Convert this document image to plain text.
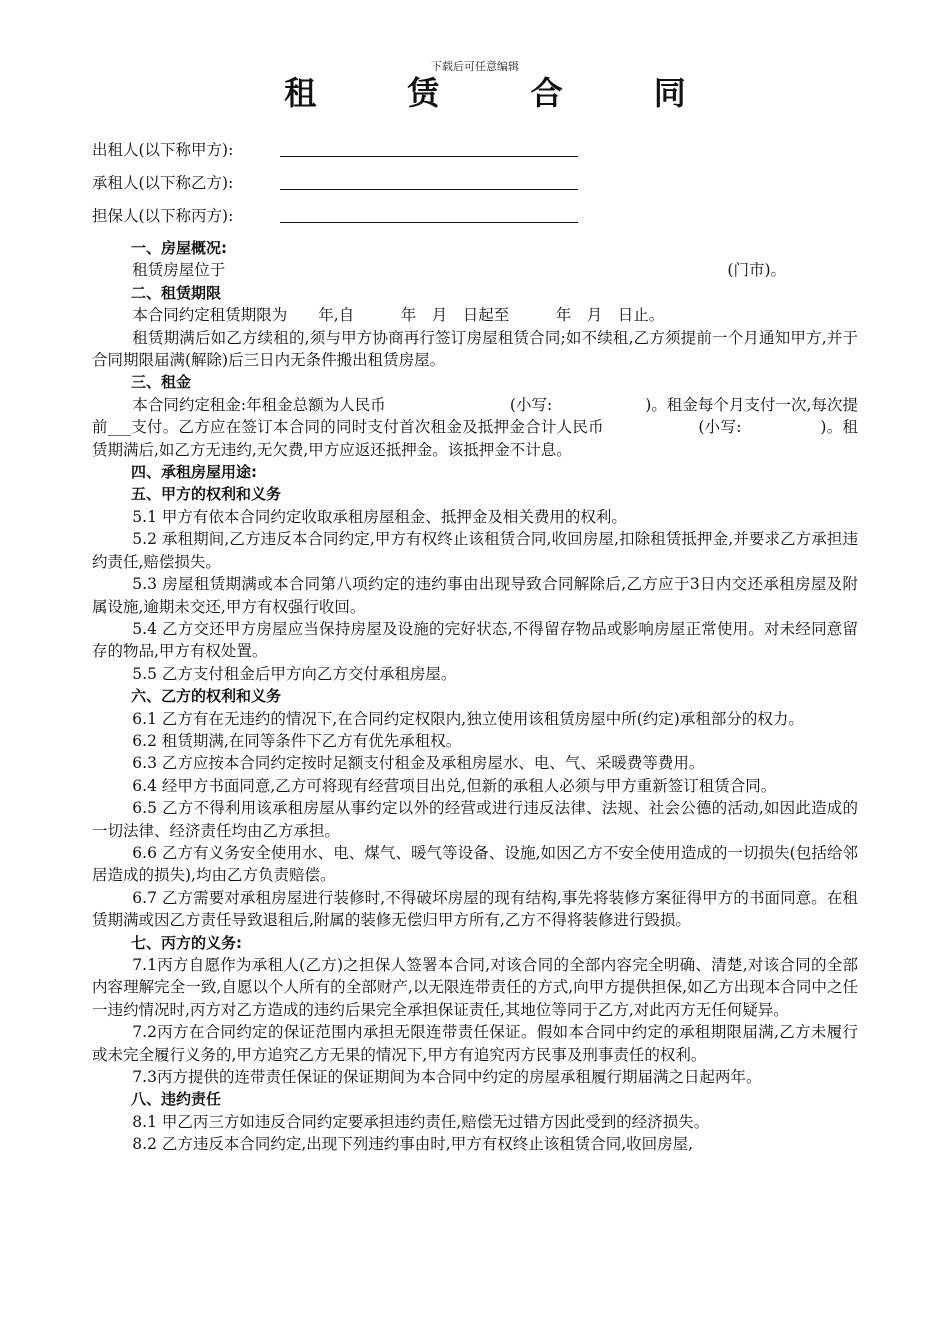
下载后可任意编辑
租 赁 合 同
出租人(以下称甲方):
承租人(以下称乙方):
担保人(以下称丙方):

一、房屋概况:

租赁房屋位于	(门市)。

二、租赁期限

本合同约定租赁期限为　　年,自　　　年　月　日起至　　　年　月　日止。

租赁期满后如乙方续租的,须与甲方协商再行签订房屋租赁合同;如不续租,乙方须提前一个月通知甲方,并于合同期限届满(解除)后三日内无条件搬出租赁房屋。

三、租金

本合同约定租金:年租金总额为人民币　　　　　　　　(小写:　　　　　　)。租金每个月支付一次,每次提前___支付。乙方应在签订本合同的同时支付首次租金及抵押金合计人民币　　　　　　(小写:　　　　　)。租赁期满后,如乙方无违约,无欠费,甲方应返还抵押金。该抵押金不计息。

四、承租房屋用途:

五、甲方的权利和义务

5.1 甲方有依本合同约定收取承租房屋租金、抵押金及相关费用的权利。

5.2 承租期间,乙方违反本合同约定,甲方有权终止该租赁合同,收回房屋,扣除租赁抵押金,并要求乙方承担违约责任,赔偿损失。

5.3 房屋租赁期满或本合同第八项约定的违约事由出现导致合同解除后,乙方应于3日内交还承租房屋及附属设施,逾期未交还,甲方有权强行收回。

5.4 乙方交还甲方房屋应当保持房屋及设施的完好状态,不得留存物品或影响房屋正常使用。对未经同意留存的物品,甲方有权处置。

5.5 乙方支付租金后甲方向乙方交付承租房屋。

六、乙方的权利和义务

6.1 乙方有在无违约的情况下,在合同约定权限内,独立使用该租赁房屋中所(约定)承租部分的权力。

6.2 租赁期满,在同等条件下乙方有优先承租权。

6.3 乙方应按本合同约定按时足额支付租金及承租房屋水、电、气、采暖费等费用。

6.4 经甲方书面同意,乙方可将现有经营项目出兑,但新的承租人必须与甲方重新签订租赁合同。

6.5 乙方不得利用该承租房屋从事约定以外的经营或进行违反法律、法规、社会公德的活动,如因此造成的一切法律、经济责任均由乙方承担。

6.6 乙方有义务安全使用水、电、煤气、暖气等设备、设施,如因乙方不安全使用造成的一切损失(包括给邻居造成的损失),均由乙方负责赔偿。

6.7 乙方需要对承租房屋进行装修时,不得破坏房屋的现有结构,事先将装修方案征得甲方的书面同意。在租赁期满或因乙方责任导致退租后,附属的装修无偿归甲方所有,乙方不得将装修进行毁损。

七、丙方的义务:

7.1丙方自愿作为承租人(乙方)之担保人签署本合同,对该合同的全部内容完全明确、清楚,对该合同的全部内容理解完全一致,自愿以个人所有的全部财产,以无限连带责任的方式,向甲方提供担保,如乙方出现本合同中之任一违约情况时,丙方对乙方造成的违约后果完全承担保证责任,其地位等同于乙方,对此丙方无任何疑异。

7.2丙方在合同约定的保证范围内承担无限连带责任保证。假如本合同中约定的承租期限届满,乙方未履行或未完全履行义务的,甲方追究乙方无果的情况下,甲方有追究丙方民事及刑事责任的权利。

7.3丙方提供的连带责任保证的保证期间为本合同中约定的房屋承租履行期届满之日起两年。

八、违约责任

8.1 甲乙丙三方如违反合同约定要承担违约责任,赔偿无过错方因此受到的经济损失。

8.2 乙方违反本合同约定,出现下列违约事由时,甲方有权终止该租赁合同,收回房屋,
